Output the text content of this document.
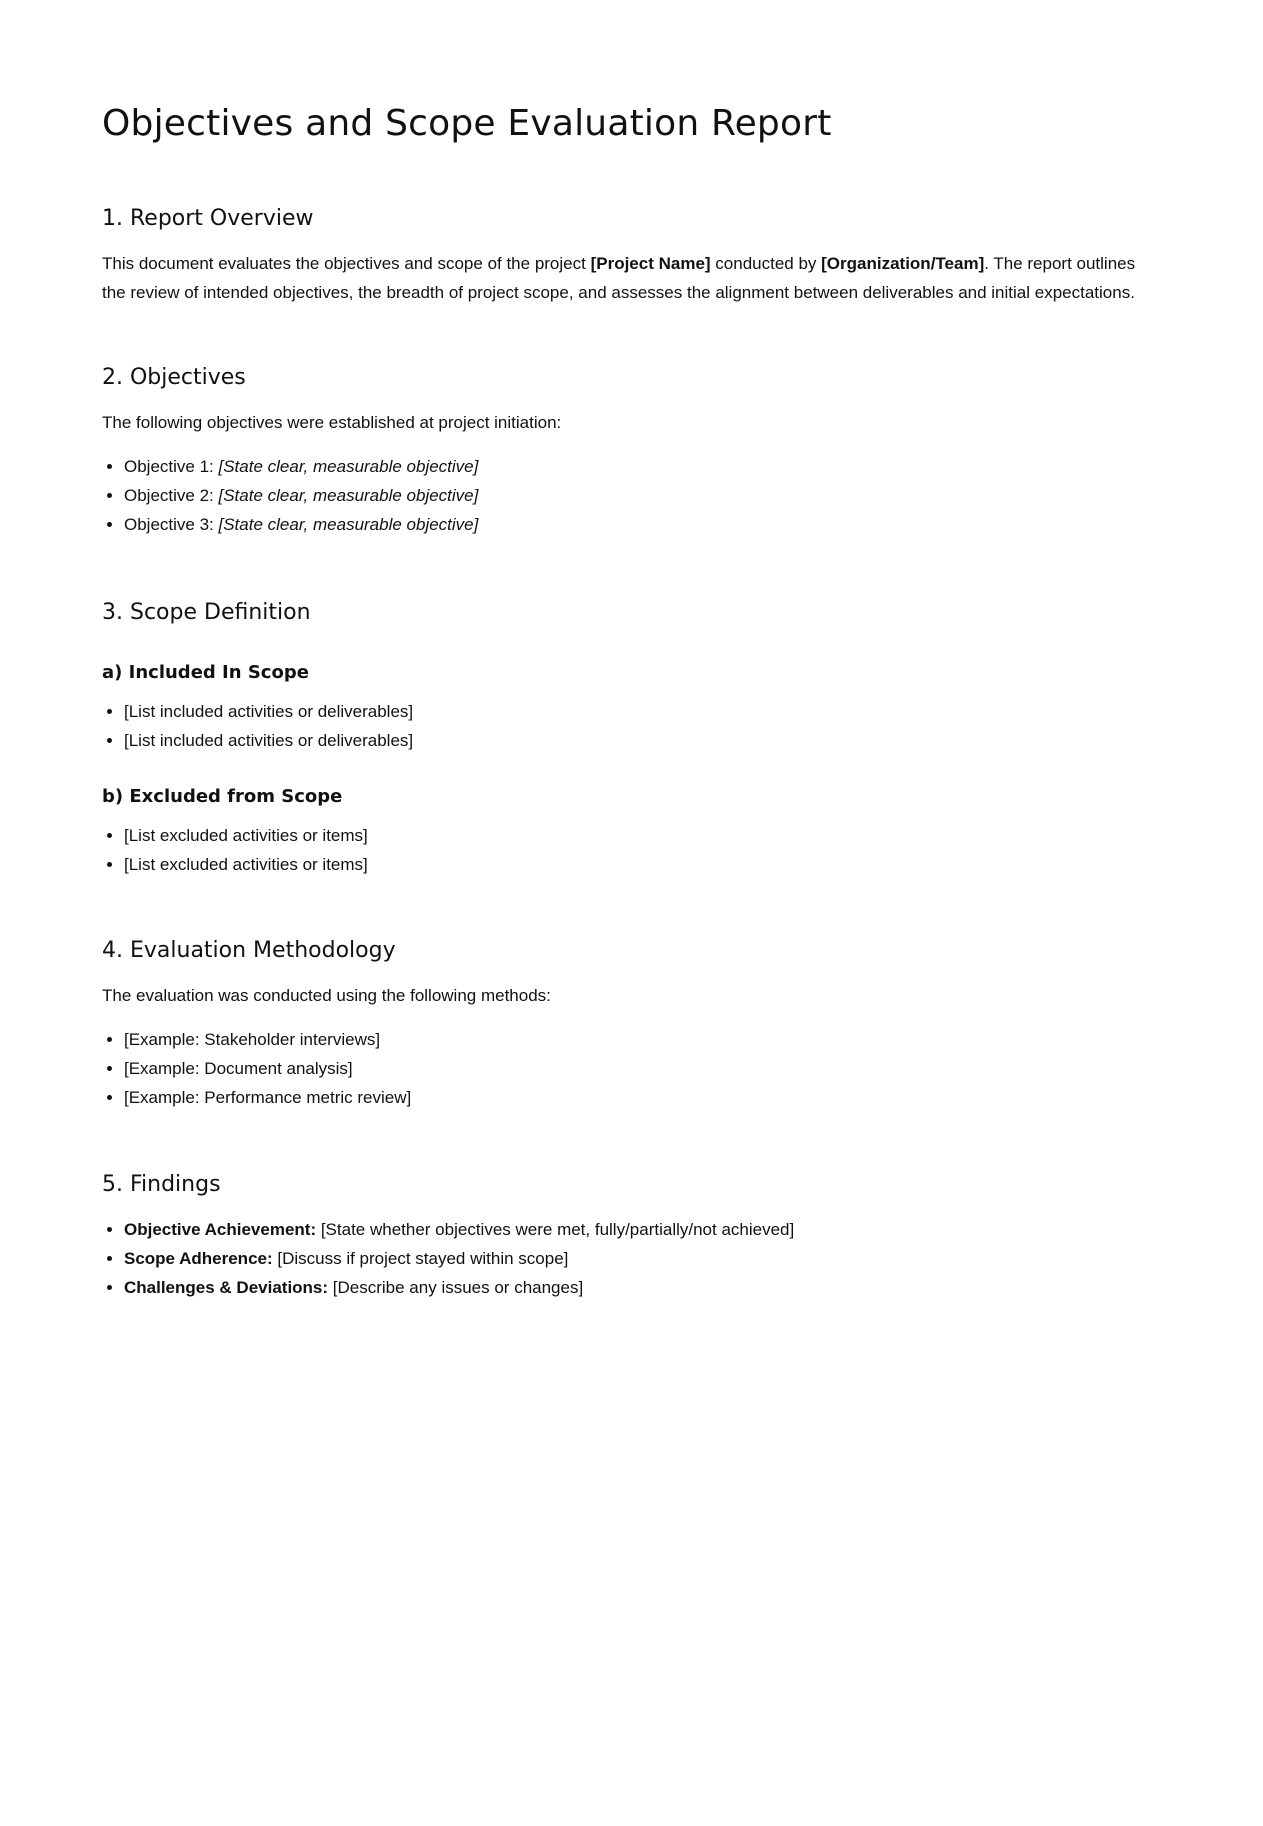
Objectives and Scope Evaluation Report
1. Report Overview

This document evaluates the objectives and scope of the project [Project Name] conducted by [Organization/Team]. The report outlines the review of intended objectives, the breadth of project scope, and assesses the alignment between deliverables and initial expectations.

2. Objectives

The following objectives were established at project initiation:

• Objective 1: [State clear, measurable objective]
• Objective 2: [State clear, measurable objective]
• Objective 3: [State clear, measurable objective]
3. Scope Definition
a) Included In Scope
• [List included activities or deliverables]
• [List included activities or deliverables]
b) Excluded from Scope
• [List excluded activities or items]
• [List excluded activities or items]
4. Evaluation Methodology

The evaluation was conducted using the following methods:

• [Example: Stakeholder interviews]
• [Example: Document analysis]
• [Example: Performance metric review]
5. Findings
• Objective Achievement: [State whether objectives were met, fully/partially/not achieved]
• Scope Adherence: [Discuss if project stayed within scope]
• Challenges & Deviations: [Describe any issues or changes]
